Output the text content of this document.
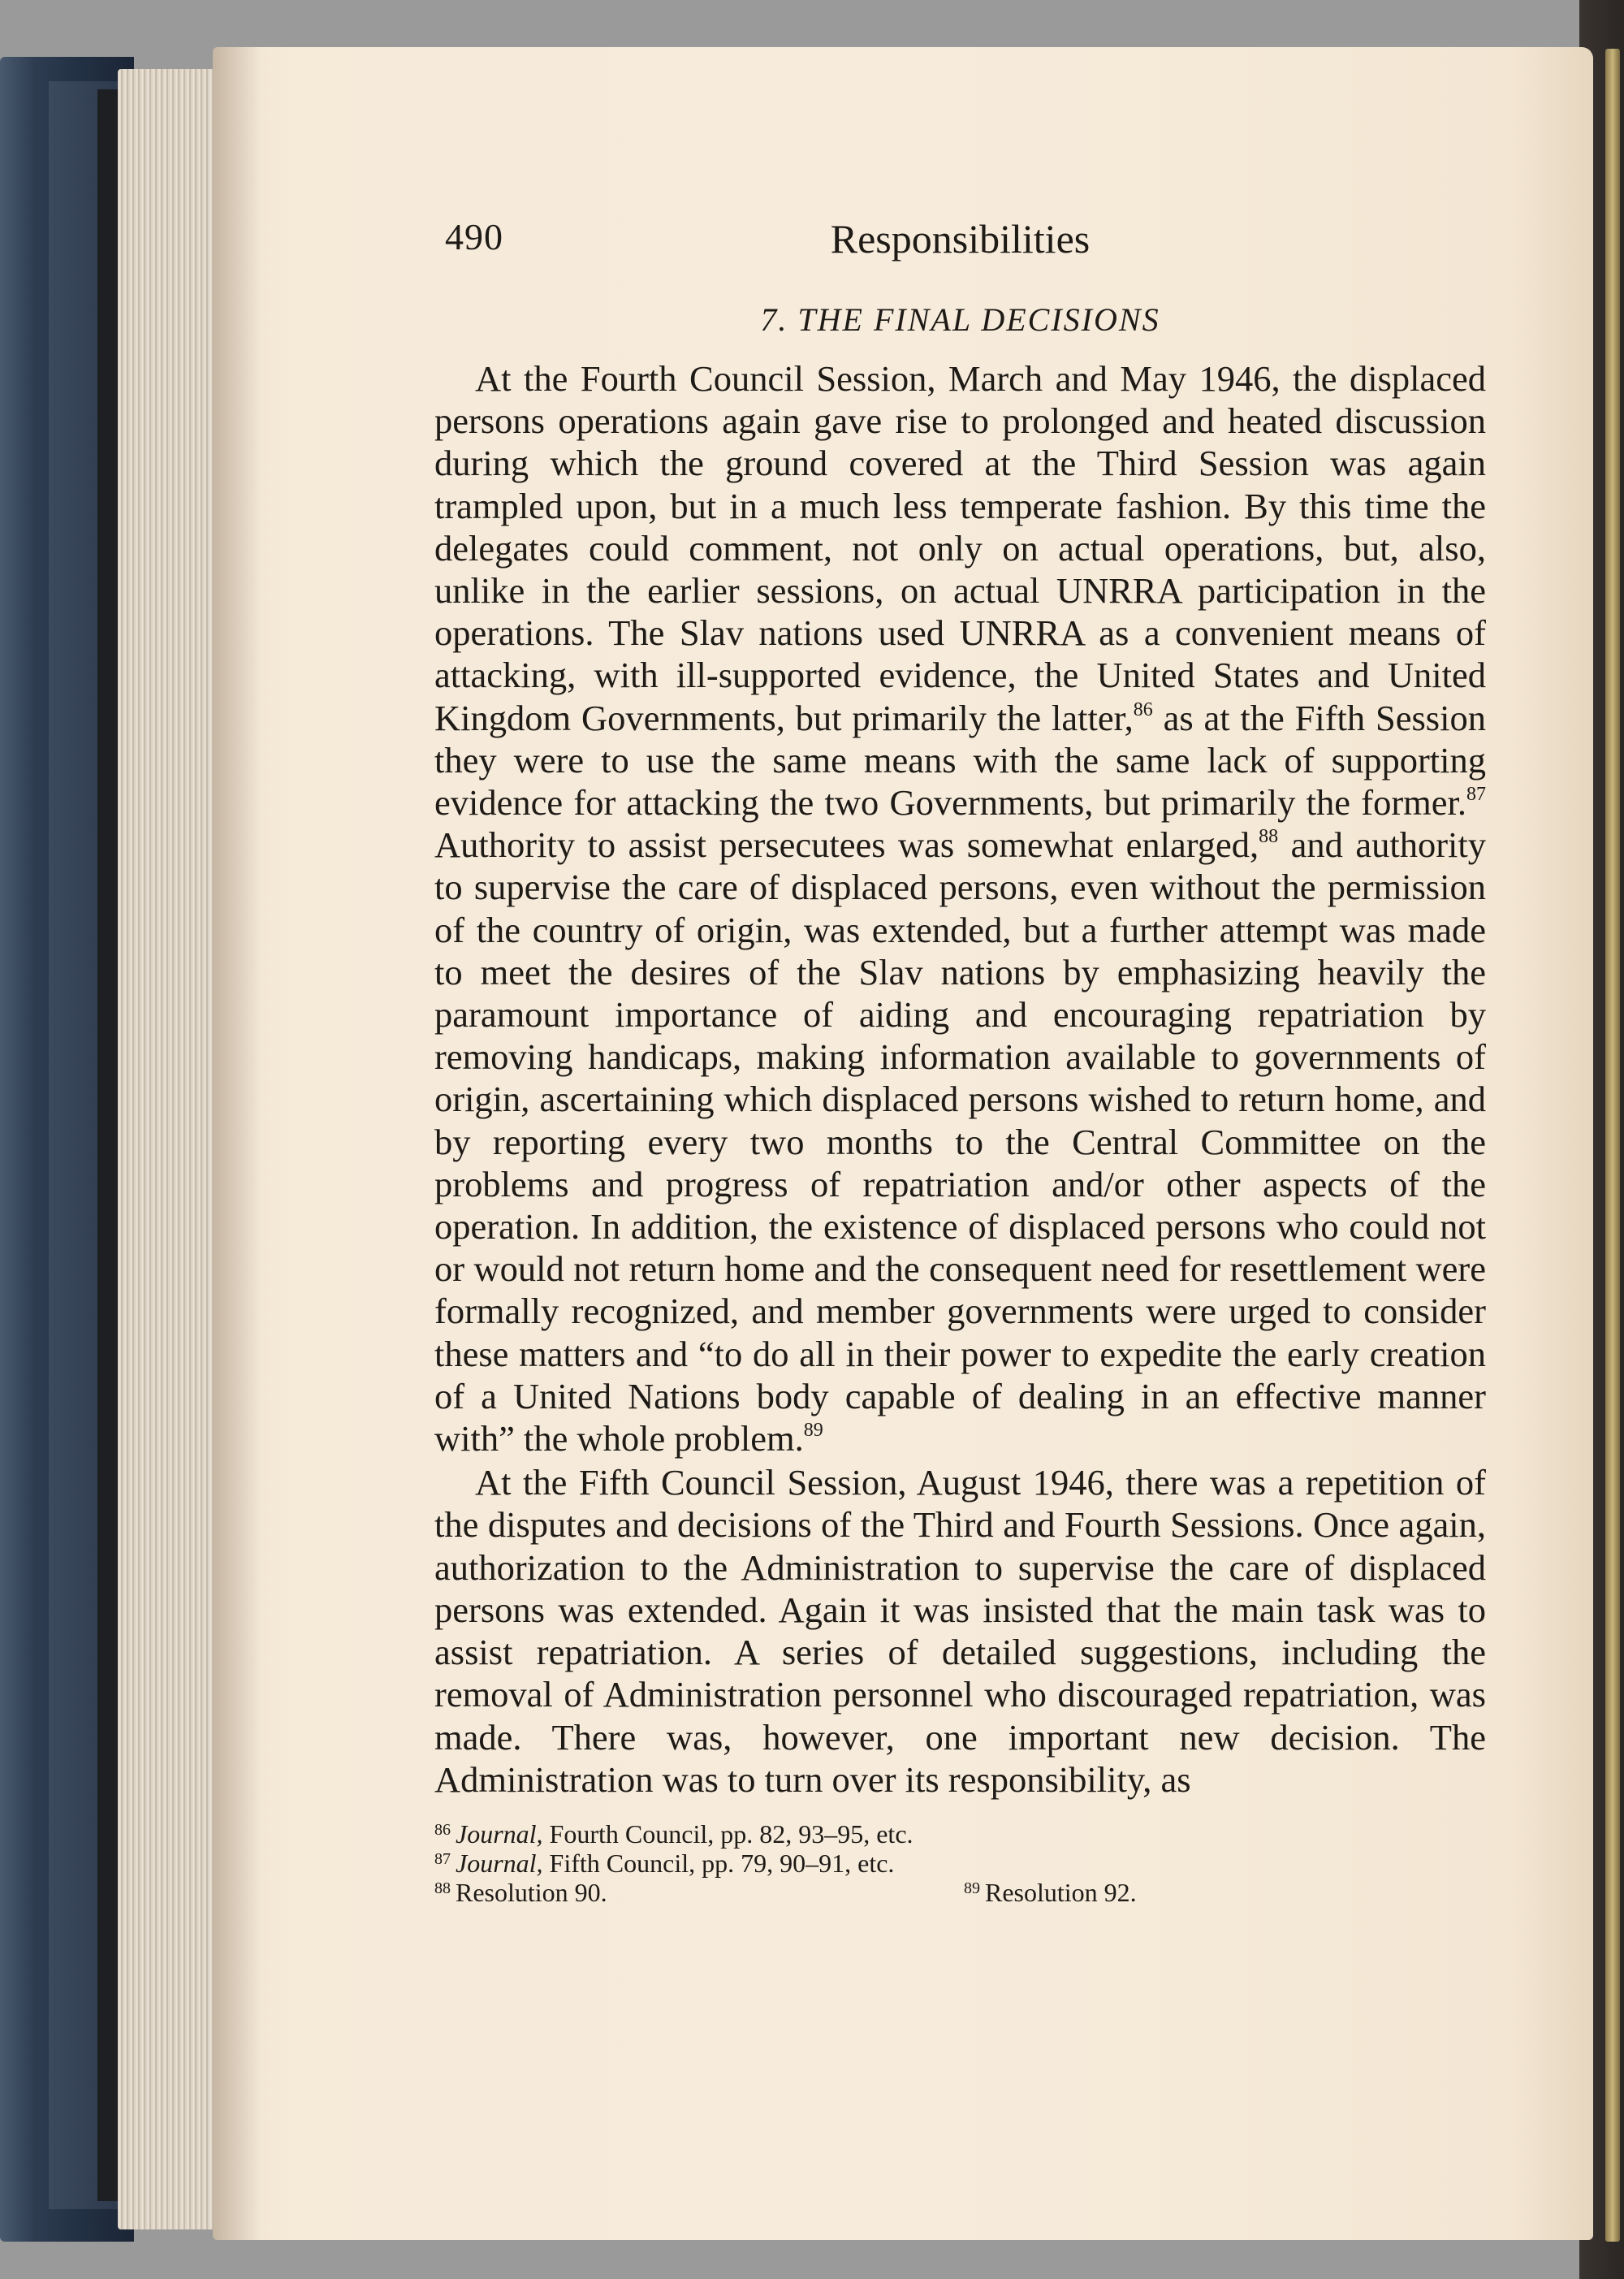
490	Responsibilities
7. THE FINAL DECISIONS

At the Fourth Council Session, March and May 1946, the displaced persons operations again gave rise to prolonged and heated discussion during which the ground covered at the Third Session was again trampled upon, but in a much less temperate fashion. By this time the delegates could comment, not only on actual operations, but, also, unlike in the earlier sessions, on actual UNRRA participation in the operations. The Slav nations used UNRRA as a convenient means of attacking, with ill-supported evidence, the United States and United Kingdom Governments, but primarily the latter,$^{86}$ as at the Fifth Session they were to use the same means with the same lack of supporting evidence for attacking the two Governments, but primarily the former.$^{87}$ Authority to assist persecutees was somewhat enlarged,$^{88}$ and authority to supervise the care of displaced persons, even without the permission of the country of origin, was extended, but a further attempt was made to meet the desires of the Slav nations by emphasizing heavily the paramount importance of aiding and encouraging repatriation by removing handicaps, making information available to governments of origin, ascertaining which displaced persons wished to return home, and by reporting every two months to the Central Committee on the problems and progress of repatriation and/or other aspects of the operation. In addition, the existence of displaced persons who could not or would not return home and the consequent need for resettlement were formally recognized, and member governments were urged to consider these matters and “to do all in their power to expedite the early creation of a United Nations body capable of dealing in an effective manner with” the whole problem.$^{89}$

At the Fifth Council Session, August 1946, there was a repetition of the disputes and decisions of the Third and Fourth Sessions. Once again, authorization to the Administration to supervise the care of displaced persons was extended. Again it was insisted that the main task was to assist repatriation. A series of detailed suggestions, including the removal of Administration personnel who discouraged repatriation, was made. There was, however, one important new decision. The Administration was to turn over its responsibility, as

$^{86}$ Journal, Fourth Council, pp. 82, 93–95, etc.
$^{87}$ Journal, Fifth Council, pp. 79, 90–91, etc.
$^{88}$ Resolution 90.	$^{89}$ Resolution 92.
